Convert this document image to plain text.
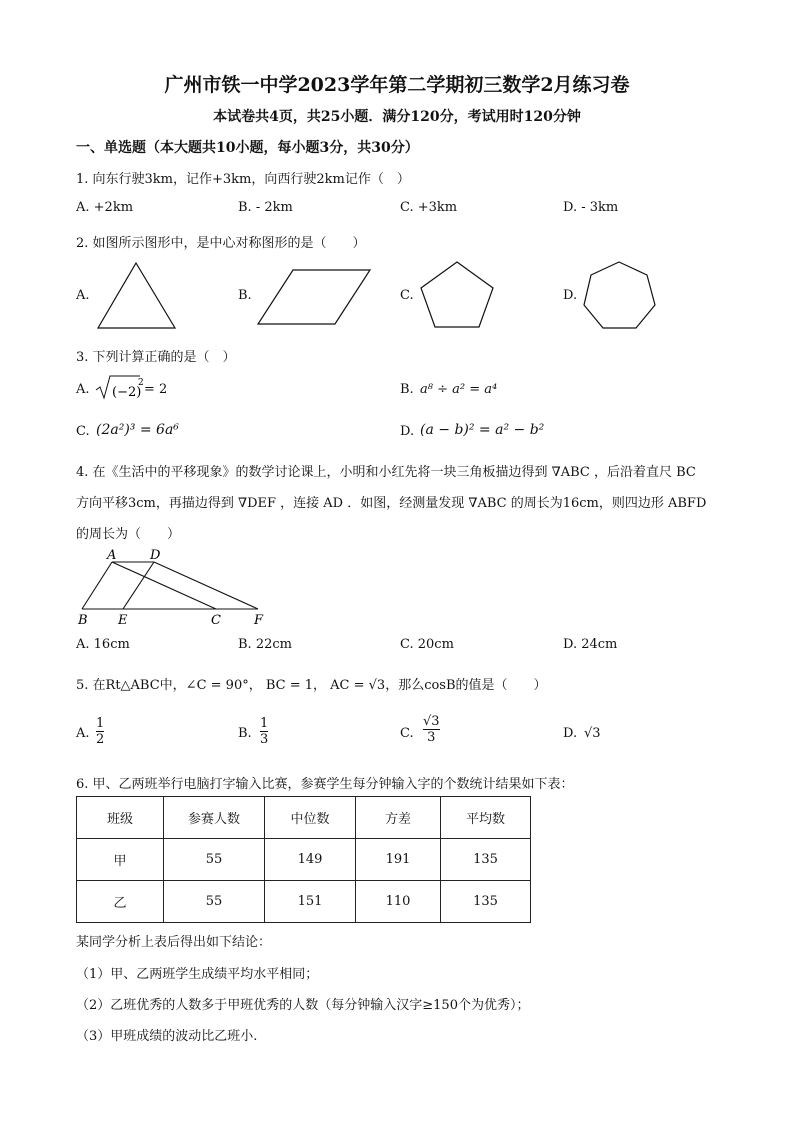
广州市铁一中学2023学年第二学期初三数学2月练习卷
本试卷共4页，共25小题．满分120分，考试用时120分钟
一、单选题（本大题共10小题，每小题3分，共30分）
1. 向东行驶3km，记作+3km，向西行驶2km记作（　）
A. +2km	B. - 2km	C. +3km	D. - 3km
2. 如图所示图形中，是中心对称图形的是（　　）
A.	B.	C.	D.
3. 下列计算正确的是（　）
A. (−2)
2 = 2	B. a⁸ ÷ a² = a⁴
C. (2a²)³ = 6a⁶	D. (a − b)² = a² − b²
4. 在《生活中的平移现象》的数学讨论课上，小明和小红先将一块三角板描边得到 ∇ABC ，后沿着直尺 BC
方向平移3cm，再描边得到 ∇DEF ，连接 AD ．如图，经测量发现 ∇ABC 的周长为16cm，则四边形 ABFD
的周长为（　　）
A	D
B E	C	F
A. 16cm	B. 22cm	C. 20cm	D. 24cm
5. 在Rt△ABC中，∠C = 90°， BC = 1， AC = √3，那么cosB的值是（　　）
A.
1
2	B.
1
3	C.
√3
3	D. √3
6. 甲、乙两班举行电脑打字输入比赛，参赛学生每分钟输入字的个数统计结果如下表：
班级	参赛人数	中位数	方差	平均数
甲	55	149	191	135
乙	55	151	110	135
某同学分析上表后得出如下结论：
（1）甲、乙两班学生成绩平均水平相同；
（2）乙班优秀的人数多于甲班优秀的人数（每分钟输入汉字≥150个为优秀）；
（3）甲班成绩的波动比乙班小.
